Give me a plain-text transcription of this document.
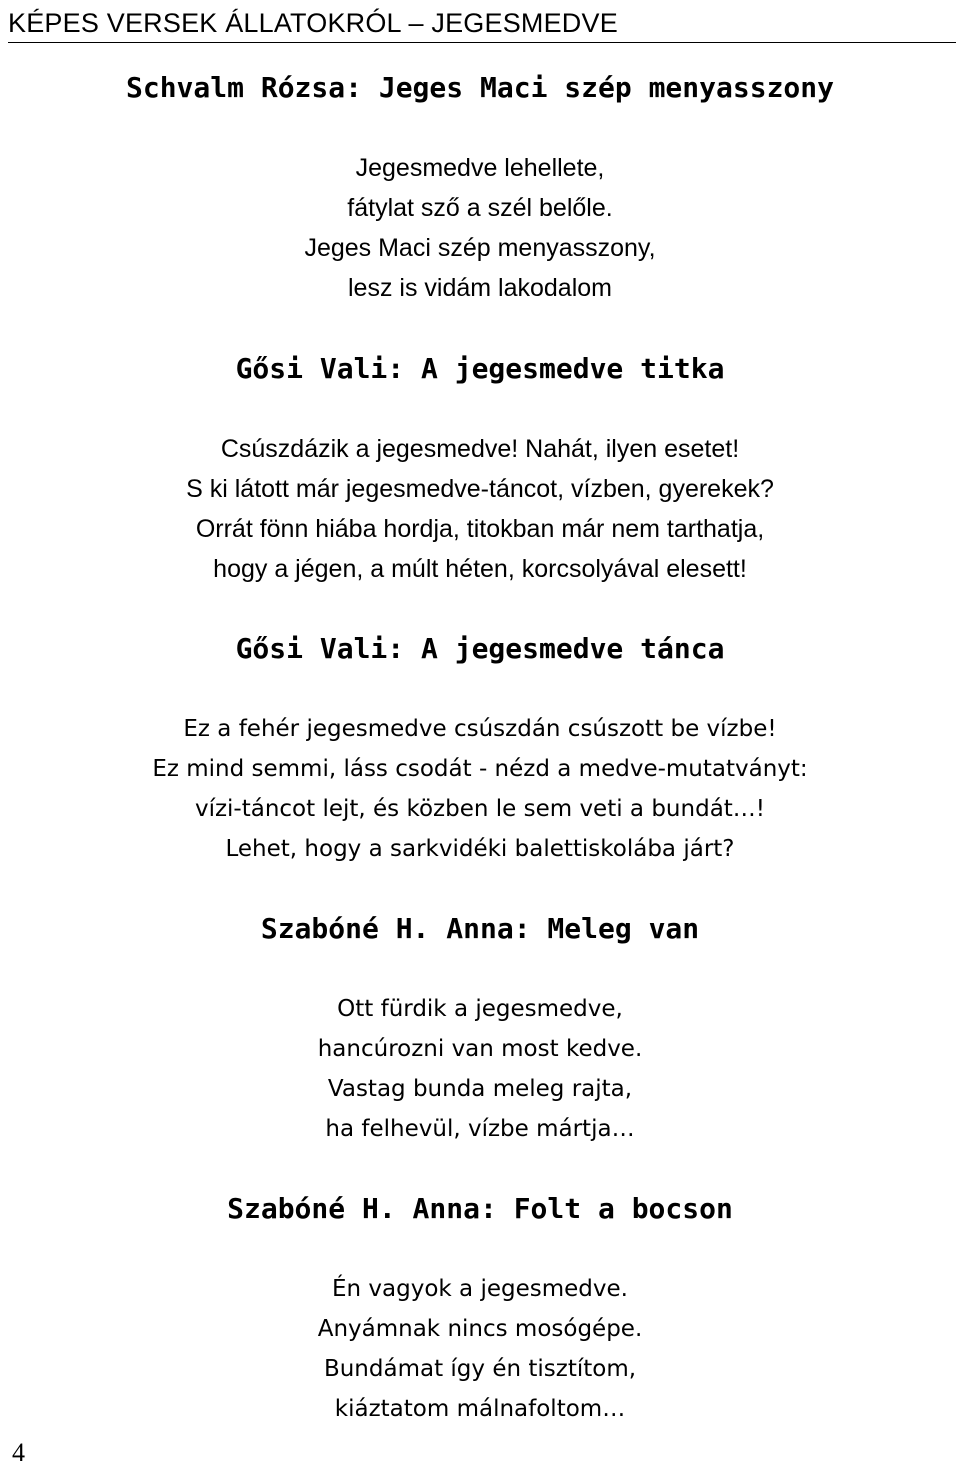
KÉPES VERSEK ÁLLATOKRÓL – JEGESMEDVE
Schvalm Rózsa: Jeges Maci szép menyasszony
Jegesmedve lehellete,
fátylat sző a szél belőle.
Jeges Maci szép menyasszony,
lesz is vidám lakodalom
Gősi Vali: A jegesmedve titka
Csúszdázik a jegesmedve! Nahát, ilyen esetet!
S ki látott már jegesmedve-táncot, vízben, gyerekek?
Orrát fönn hiába hordja, titokban már nem tarthatja,
hogy a jégen, a múlt héten, korcsolyával elesett!
Gősi Vali: A jegesmedve tánca
Ez a fehér jegesmedve csúszdán csúszott be vízbe!
Ez mind semmi, láss csodát - nézd a medve-mutatványt:
vízi-táncot lejt, és közben le sem veti a bundát…!
Lehet, hogy a sarkvidéki balettiskolába járt?
Szabóné H. Anna: Meleg van
Ott fürdik a jegesmedve,
hancúrozni van most kedve.
Vastag bunda meleg rajta,
ha felhevül, vízbe mártja…
Szabóné H. Anna: Folt a bocson
Én vagyok a jegesmedve.
Anyámnak nincs mosógépe.
Bundámat így én tisztítom,
kiáztatom málnafoltom…
4
